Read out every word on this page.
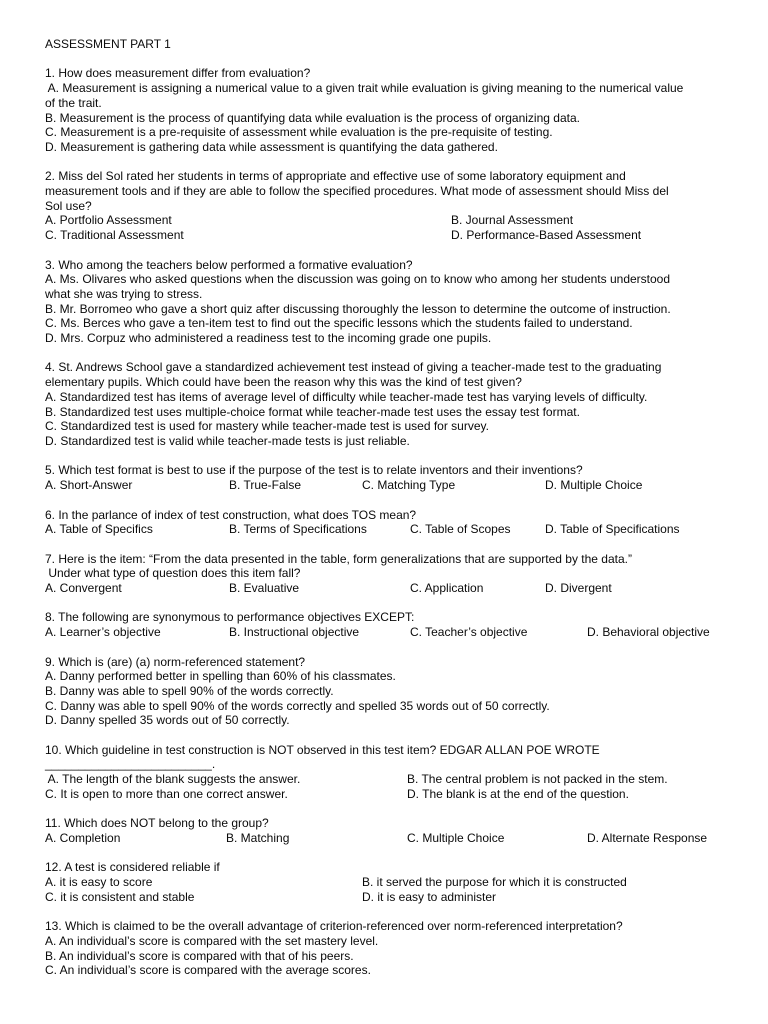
ASSESSMENT PART 1
1. How does measurement differ from evaluation?
A. Measurement is assigning a numerical value to a given trait while evaluation is giving meaning to the numerical value
of the trait.
B. Measurement is the process of quantifying data while evaluation is the process of organizing data.
C. Measurement is a pre-requisite of assessment while evaluation is the pre-requisite of testing.
D. Measurement is gathering data while assessment is quantifying the data gathered.
2. Miss del Sol rated her students in terms of appropriate and effective use of some laboratory equipment and
measurement tools and if they are able to follow the specified procedures. What mode of assessment should Miss del
Sol use?
A. Portfolio Assessment	B. Journal Assessment
C. Traditional Assessment	D. Performance-Based Assessment
3. Who among the teachers below performed a formative evaluation?
A. Ms. Olivares who asked questions when the discussion was going on to know who among her students understood
what she was trying to stress.
B. Mr. Borromeo who gave a short quiz after discussing thoroughly the lesson to determine the outcome of instruction.
C. Ms. Berces who gave a ten-item test to find out the specific lessons which the students failed to understand.
D. Mrs. Corpuz who administered a readiness test to the incoming grade one pupils.
4. St. Andrews School gave a standardized achievement test instead of giving a teacher-made test to the graduating
elementary pupils. Which could have been the reason why this was the kind of test given?
A. Standardized test has items of average level of difficulty while teacher-made test has varying levels of difficulty.
B. Standardized test uses multiple-choice format while teacher-made test uses the essay test format.
C. Standardized test is used for mastery while teacher-made test is used for survey.
D. Standardized test is valid while teacher-made tests is just reliable.
5. Which test format is best to use if the purpose of the test is to relate inventors and their inventions?
A. Short-Answer	B. True-False	C. Matching Type	D. Multiple Choice
6. In the parlance of index of test construction, what does TOS mean?
A. Table of Specifics	B. Terms of Specifications	C. Table of Scopes	D. Table of Specifications
7. Here is the item: “From the data presented in the table, form generalizations that are supported by the data.”
Under what type of question does this item fall?
A. Convergent	B. Evaluative	C. Application	D. Divergent
8. The following are synonymous to performance objectives EXCEPT:
A. Learner’s objective	B. Instructional objective	C. Teacher’s objective	D. Behavioral objective
9. Which is (are) (a) norm-referenced statement?
A. Danny performed better in spelling than 60% of his classmates.
B. Danny was able to spell 90% of the words correctly.
C. Danny was able to spell 90% of the words correctly and spelled 35 words out of 50 correctly.
D. Danny spelled 35 words out of 50 correctly.
10. Which guideline in test construction is NOT observed in this test item? EDGAR ALLAN POE WROTE
_________________________.
A. The length of the blank suggests the answer.	B. The central problem is not packed in the stem.
C. It is open to more than one correct answer.	D. The blank is at the end of the question.
11. Which does NOT belong to the group?
A. Completion	B. Matching	C. Multiple Choice	D. Alternate Response
12. A test is considered reliable if
A. it is easy to score	B. it served the purpose for which it is constructed
C. it is consistent and stable	D. it is easy to administer
13. Which is claimed to be the overall advantage of criterion-referenced over norm-referenced interpretation?
A. An individual’s score is compared with the set mastery level.
B. An individual’s score is compared with that of his peers.
C. An individual’s score is compared with the average scores.
